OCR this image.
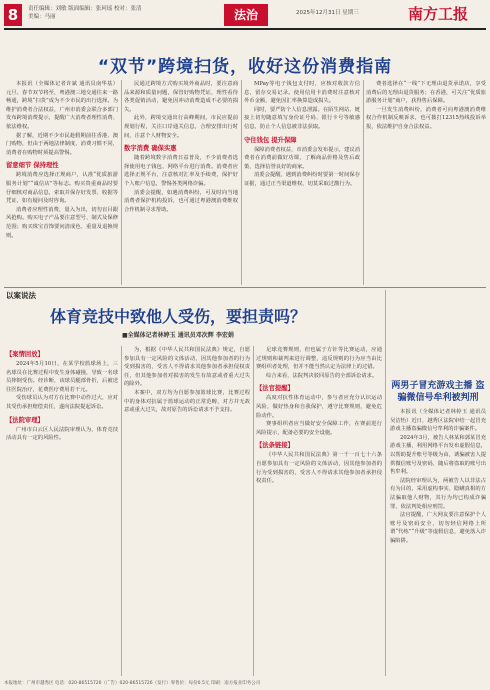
8	责任编辑：刘敏 版面编辑：张珂瑶 校对：张清
美编：马丽	法治	2025年12月31日 星期三	南方工报
“双节”跨境扫货，收好这份消费指南

本报讯（全媒体记者许斌 通讯员南华基）元旦、春节双节将至，粤港澳三地交通往来一路畅通，跨境“扫货”成为不少市民的出行选择。为维护消费者合法权益，广州市消委会联合多部门发布跨境消费提示，提醒广大消费者理性消费、依法维权。

据了解，近期不少市民趁假期前往香港、澳门购物，但由于两地法律制度、消费习惯不同，消费者在购物时须提高警惕。

留意细节 保持理性

跨境消费应选择正规商户，认准“优质旅游服务计划”“诚信店”等标志。购买贵重商品时要仔细核对商品信息，索取并保存好发票、收据等凭证，如有疑问及时咨询。

消费者应理性消费，量入为出，切勿盲目跟风抢购。购买电子产品要注意型号、制式及保修范围；购买珠宝首饰要问清成色、重量及退换规则。

民通过跨境方式购买境外商品时，要注意商品来源和质量问题，保管好购物凭证，理性看待各类促销活动，避免因冲动消费造成不必要的损失。

此外，跨境交通出行高峰期间，市民应提前规划行程，关注口岸通关信息，合理安排出行时间，注意个人财物安全。

数字消费 确保实惠

随着跨境数字消费日益普及，不少消费者选择使用电子钱包、网络平台进行消费。消费者应选择正规平台，注意核对汇率及手续费，保护好个人账户信息，警惕各类网络诈骗。

消委会提醒，如遇消费纠纷，可及时向当地消费者保护机构投诉，也可通过粤港澳消费维权合作机制寻求帮助。

MPay等电子钱包支付时，应核对收款方信息，留存交易记录。使用信用卡消费时注意核对外币金额，避免因汇率换算造成损失。

同时，要严防个人信息泄露。在陌生网站、链接上切勿随意填写身份证号码、银行卡号等敏感信息，防止个人信息被非法获取。

守住钱包 提升保障

保障消费者权益，市消委会发布提示，建议消费者在消费前做好功课，了解商品价格及售后政策，选择信誉良好的商家。

消委会提醒，遇到消费纠纷时要第一时间保存证据，通过正当渠道维权，切莫采取过激行为。

费者选择在“一线”下无理由退货承诺店，享受消费后的无理由退货服务；在香港，可关注“优质旅游服务计划”商户，获得售后保障。

一旦发生消费纠纷，消费者可向粤港澳消费维权合作机制反映诉求，也可拨打12315热线投诉举报，依法维护自身合法权益。

以案说法
体育竞技中致他人受伤，要担责吗？
■全媒体记者林婷玉 通讯员邓次辉 李宏娟
【案情回放】

2024年5月10日，在某学校篮球场上，三名球员在比赛过程中发生身体碰撞，导致一名球员摔倒受伤。经诊断，该球员腿部骨折，后被送往医院治疗，花费医疗费用若干元。

受伤球员认为对方在比赛中动作过大，应对其受伤承担赔偿责任，遂向法院提起诉讼。

【法院审理】

广州市白云区人民法院审理认为，体育竞技活动具有一定的风险性。

为，根据《中华人民共和国民法典》规定，自愿参加具有一定风险的文体活动，因其他参加者的行为受到损害的，受害人不得请求其他参加者承担侵权责任，但其他参加者对损害的发生有故意或者重大过失的除外。

本案中，双方均为自愿参加篮球比赛，比赛过程中的身体对抗属于篮球运动的正常范畴，对方并无故意或重大过失，故对原告的诉讼请求不予支持。

足球竞赛规则，但也属于方针等比赛运动，应通过规则和裁判来进行调整，违反规则的行为应当由比赛组织者处理，但并不能当然认定为法律上的过错。

综合来看，法院判决驳回原告的全部诉讼请求。

【法官提醒】

高度对抗性体育运动中，参与者应充分认识运动风险，做好热身和自我保护，遵守比赛规则，避免危险动作。

赛事组织者应当做好安全保障工作，在赛前进行风险提示，配备必要的安全设施。

【法条链接】

《中华人民共和国民法典》第一千一百七十六条 自愿参加具有一定风险的文体活动，因其他参加者的行为受到损害的，受害人不得请求其他参加者承担侵权责任。

两男子冒充游戏主播 盗骗微信号牟利被判刑

本报讯（全媒体记者林婷玉 通讯员吴洁怡）近日，越秀区法院审结一起冒充游戏主播盗骗微信号牟利的诈骗案件。

2024年3月，被告人林某和郭某冒充游戏主播，利用网络平台发布虚假信息，以帮助提升账号等级为由，诱骗被害人提供微信账号及密码，随后将盗取的账号出售牟利。

法院经审理认为，两被告人以非法占有为目的，采用虚构事实、隐瞒真相的方法骗取他人财物，其行为均已构成诈骗罪，依法判处相应刑罚。

法官提醒，广大网友要注意保护个人账号及密码安全，切勿轻信网络上所谓“代练”“升级”等虚假信息，避免落入诈骗陷阱。

本报地址：广州市越秀区 电话：020-86515720（广告）020-86515726（发行）零售价：每份0.5元 印刷：南方报业印务公司
